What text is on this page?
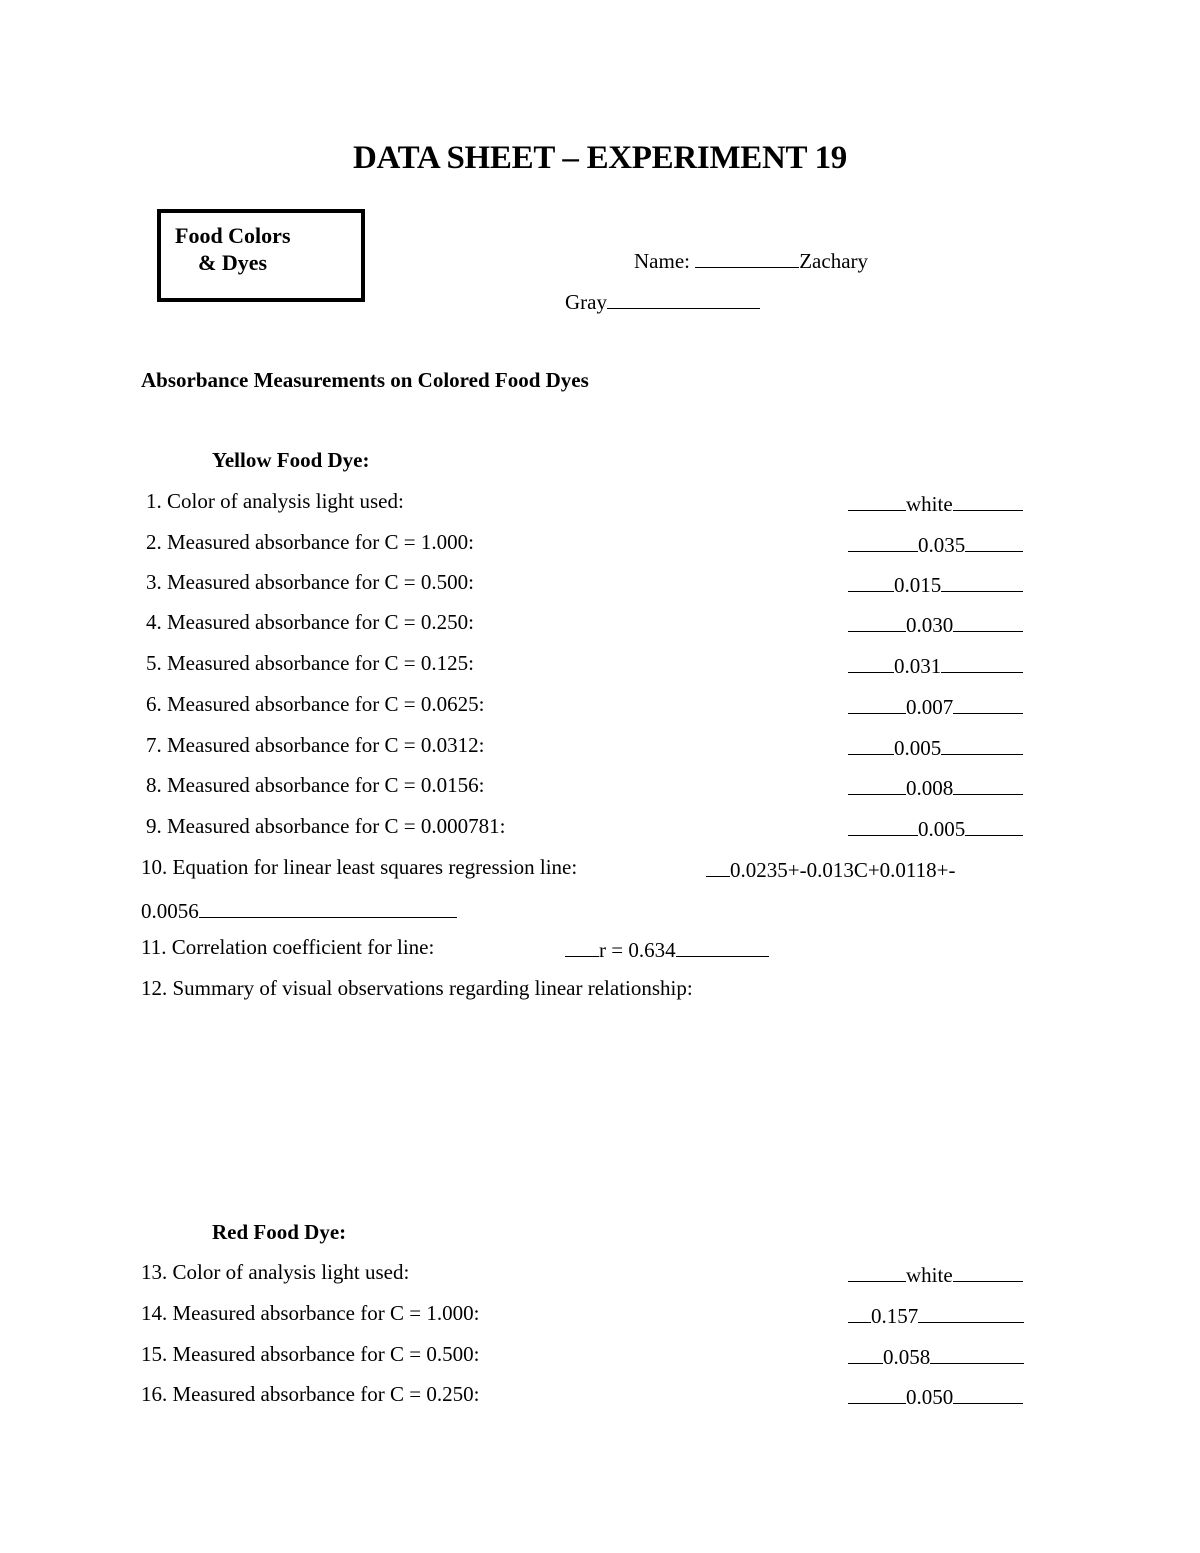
DATA SHEET – EXPERIMENT 19
Food Colors
& Dyes	Name:	Zachary
Gray
Absorbance Measurements on Colored Food Dyes
Yellow Food Dye:
1. Color of analysis light used:	white
2. Measured absorbance for C = 1.000:	0.035
3. Measured absorbance for C = 0.500:	0.015
4. Measured absorbance for C = 0.250:	0.030
5. Measured absorbance for C = 0.125:	0.031
6. Measured absorbance for C = 0.0625:	0.007
7. Measured absorbance for C = 0.0312:	0.005
8. Measured absorbance for C = 0.0156:	0.008
9. Measured absorbance for C = 0.000781:	0.005
10. Equation for linear least squares regression line:	0.0235+-0.013C+0.0118+-
0.0056
11. Correlation coefficient for line:	r = 0.634
12. Summary of visual observations regarding linear relationship:
Red Food Dye:
13. Color of analysis light used:	white
14. Measured absorbance for C = 1.000:	0.157
15. Measured absorbance for C = 0.500:	0.058
16. Measured absorbance for C = 0.250:	0.050
